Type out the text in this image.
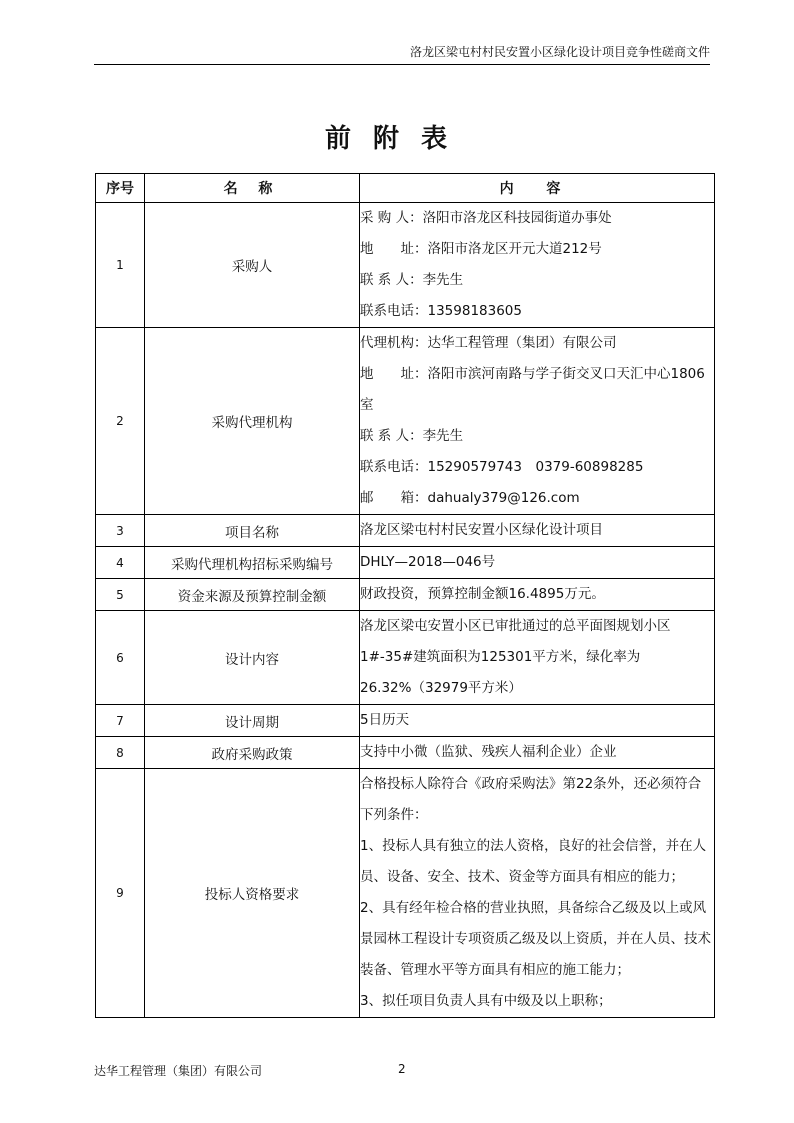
洛龙区梁屯村村民安置小区绿化设计项目竞争性磋商文件
前附表
序号	名 称	内 容
1	采购人	采 购 人：洛阳市洛龙区科技园街道办事处
地　　址：洛阳市洛龙区开元大道212号
联 系 人：李先生
联系电话：13598183605

2	采购代理机构	代理机构：达华工程管理（集团）有限公司
地　　址：洛阳市滨河南路与学子街交叉口天汇中心1806室
联 系 人：李先生
联系电话：15290579743　0379-60898285
邮　　箱：dahualy379@126.com

3	项目名称	洛龙区梁屯村村民安置小区绿化设计项目
4	采购代理机构招标采购编号	DHLY—2018—046号
5	资金来源及预算控制金额	财政投资，预算控制金额16.4895万元。
6	设计内容	洛龙区梁屯安置小区已审批通过的总平面图规划小区1#-35#建筑面积为125301平方米，绿化率为26.32%（32979平方米）
7	设计周期	5日历天
8	政府采购政策	支持中小微（监狱、残疾人福利企业）企业
9	投标人资格要求	合格投标人除符合《政府采购法》第22条外，还必须符合下列条件：
1、投标人具有独立的法人资格，良好的社会信誉，并在人员、设备、安全、技术、资金等方面具有相应的能力；
2、具有经年检合格的营业执照，具备综合乙级及以上或风景园林工程设计专项资质乙级及以上资质，并在人员、技术装备、管理水平等方面具有相应的施工能力；
3、拟任项目负责人具有中级及以上职称；
达华工程管理（集团）有限公司	2
